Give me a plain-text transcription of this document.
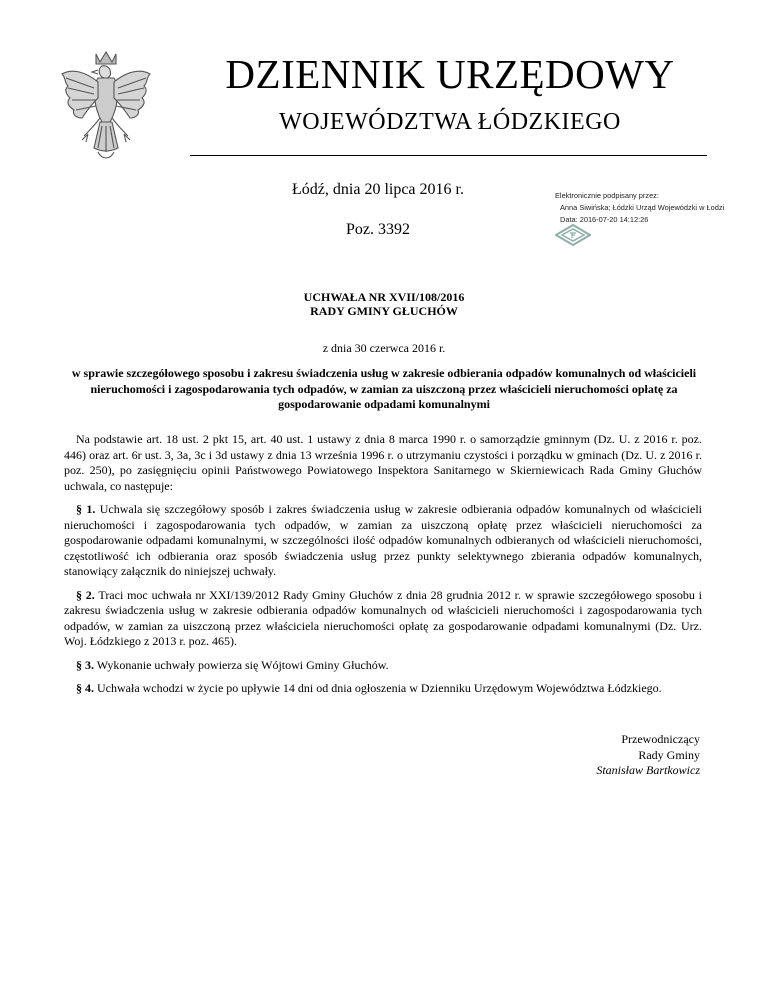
DZIENNIK URZĘDOWY
WOJEWÓDZTWA ŁÓDZKIEGO
Łódź, dnia 20 lipca 2016 r.
Poz. 3392
Elektronicznie podpisany przez:
Anna Siwińska; Łódzki Urząd Wojewódzki w Łodzi
Data: 2016-07-20 14:12:26
UCHWAŁA NR XVII/108/2016
RADY GMINY GŁUCHÓW
z dnia 30 czerwca 2016 r.
w sprawie szczegółowego sposobu i zakresu świadczenia usług w zakresie odbierania odpadów komunalnych od właścicieli nieruchomości i zagospodarowania tych odpadów, w zamian za uiszczoną przez właścicieli nieruchomości opłatę za gospodarowanie odpadami komunalnymi

Na podstawie art. 18 ust. 2 pkt 15, art. 40 ust. 1 ustawy z dnia 8 marca 1990 r. o samorządzie gminnym (Dz. U. z 2016 r. poz. 446) oraz art. 6r ust. 3, 3a, 3c i 3d ustawy z dnia 13 września 1996 r. o utrzymaniu czystości i porządku w gminach (Dz. U. z 2016 r. poz. 250), po zasięgnięciu opinii Państwowego Powiatowego Inspektora Sanitarnego w Skierniewicach Rada Gminy Głuchów uchwala, co następuje:

§ 1. Uchwala się szczegółowy sposób i zakres świadczenia usług w zakresie odbierania odpadów komunalnych od właścicieli nieruchomości i zagospodarowania tych odpadów, w zamian za uiszczoną opłatę przez właścicieli nieruchomości za gospodarowanie odpadami komunalnymi, w szczególności ilość odpadów komunalnych odbieranych od właścicieli nieruchomości, częstotliwość ich odbierania oraz sposób świadczenia usług przez punkty selektywnego zbierania odpadów komunalnych, stanowiący załącznik do niniejszej uchwały.

§ 2. Traci moc uchwała nr XXI/139/2012 Rady Gminy Głuchów z dnia 28 grudnia 2012 r. w sprawie szczegółowego sposobu i zakresu świadczenia usług w zakresie odbierania odpadów komunalnych od właścicieli nieruchomości i zagospodarowania tych odpadów, w zamian za uiszczoną przez właściciela nieruchomości opłatę za gospodarowanie odpadami komunalnymi (Dz. Urz. Woj. Łódzkiego z 2013 r. poz. 465).

§ 3. Wykonanie uchwały powierza się Wójtowi Gminy Głuchów.

§ 4. Uchwała wchodzi w życie po upływie 14 dni od dnia ogłoszenia w Dzienniku Urzędowym Województwa Łódzkiego.

Przewodniczący
Rady Gminy
Stanisław Bartkowicz
